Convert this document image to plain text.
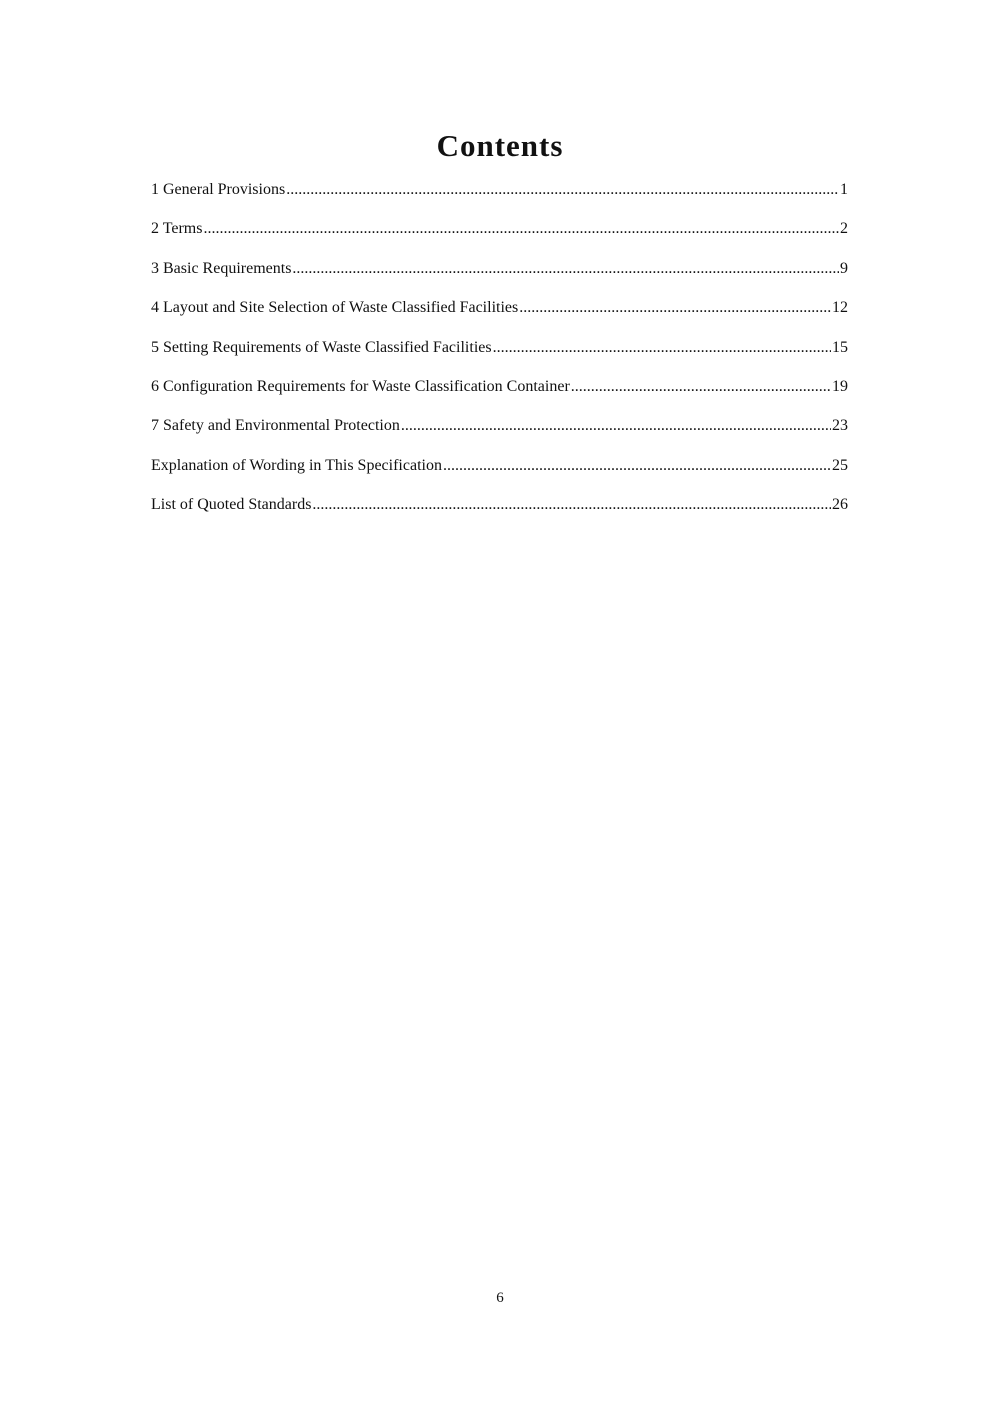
Contents
1 General Provisions .....	1
2 Terms .....	2
3 Basic Requirements .....	9
4 Layout and Site Selection of Waste Classified Facilities .....	12
5 Setting Requirements of Waste Classified Facilities .....	15
6 Configuration Requirements for Waste Classification Container .....	19
7 Safety and Environmental Protection .....	23
Explanation of Wording in This Specification .....	25
List of Quoted Standards .....	26
6
